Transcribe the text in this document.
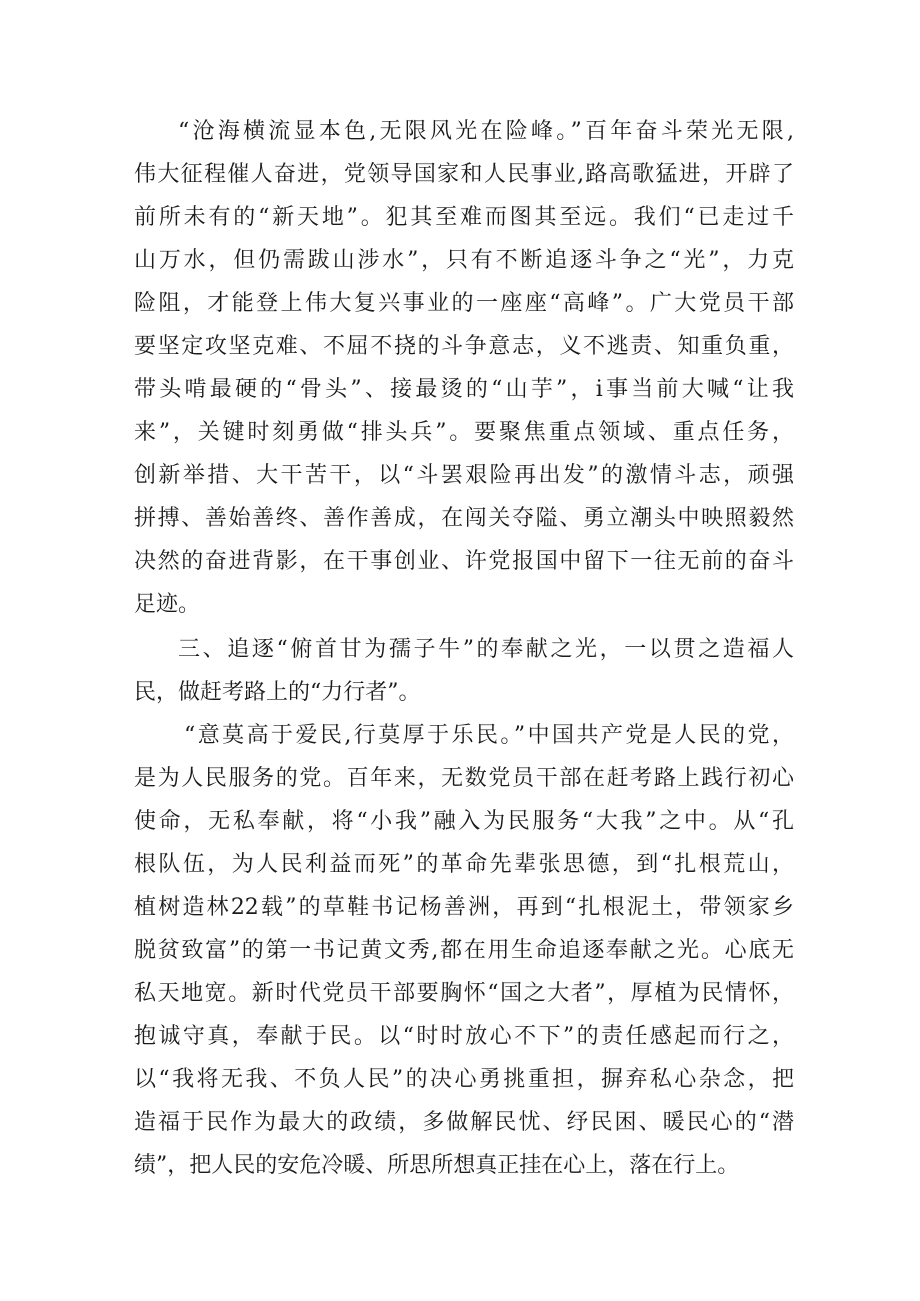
“沧海横流显本色,无限风光在险峰。”百年奋斗荣光无限,
伟大征程催人奋进，党领导国家和人民事业,路高歌猛进，开辟了
前所未有的“新天地”。犯其至难而图其至远。我们“已走过千
山万水，但仍需跋山涉水”，只有不断追逐斗争之“光”，力克
险阻，才能登上伟大复兴事业的一座座“高峰”。广大党员干部
要坚定攻坚克难、不屈不挠的斗争意志，义不逃责、知重负重，
带头啃最硬的“骨头”、接最烫的“山芋”，i事当前大喊“让我
来”，关键时刻勇做“排头兵”。要聚焦重点领域、重点任务，
创新举措、大干苦干，以“斗罢艰险再出发”的激情斗志，顽强
拼搏、善始善终、善作善成，在闯关夺隘、勇立潮头中映照毅然
决然的奋进背影，在干事创业、许党报国中留下一往无前的奋斗
足迹。
三、追逐“俯首甘为孺子牛”的奉献之光，一以贯之造福人
民，做赶考路上的“力行者”。
“意莫高于爱民,行莫厚于乐民。”中国共产党是人民的党，
是为人民服务的党。百年来，无数党员干部在赶考路上践行初心
使命，无私奉献，将“小我”融入为民服务“大我”之中。从“孔
根队伍，为人民利益而死”的革命先辈张思德，到“扎根荒山，
植树造林22载”的草鞋书记杨善洲，再到“扎根泥土，带领家乡
脱贫致富”的第一书记黄文秀,都在用生命追逐奉献之光。心底无
私天地宽。新时代党员干部要胸怀“国之大者”，厚植为民情怀，
抱诚守真，奉献于民。以“时时放心不下”的责任感起而行之，
以“我将无我、不负人民”的决心勇挑重担，摒弃私心杂念，把
造福于民作为最大的政绩，多做解民忧、纾民困、暖民心的“潜
绩”，把人民的安危冷暖、所思所想真正挂在心上，落在行上。
